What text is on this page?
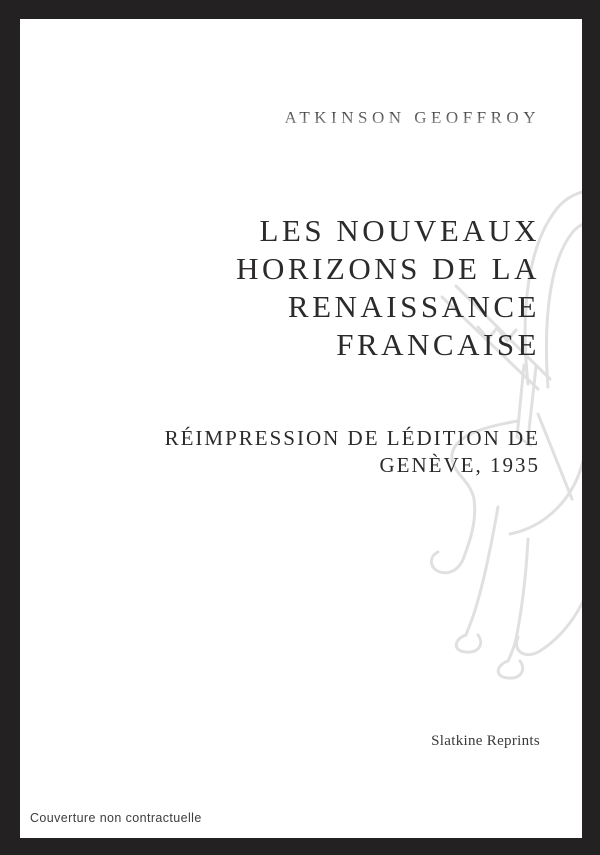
ATKINSON GEOFFROY
LES NOUVEAUX
HORIZONS DE LA
RENAISSANCE
FRANCAISE
RÉIMPRESSION DE LÉDITION DE
GENÈVE, 1935
Slatkine Reprints
Couverture non contractuelle
